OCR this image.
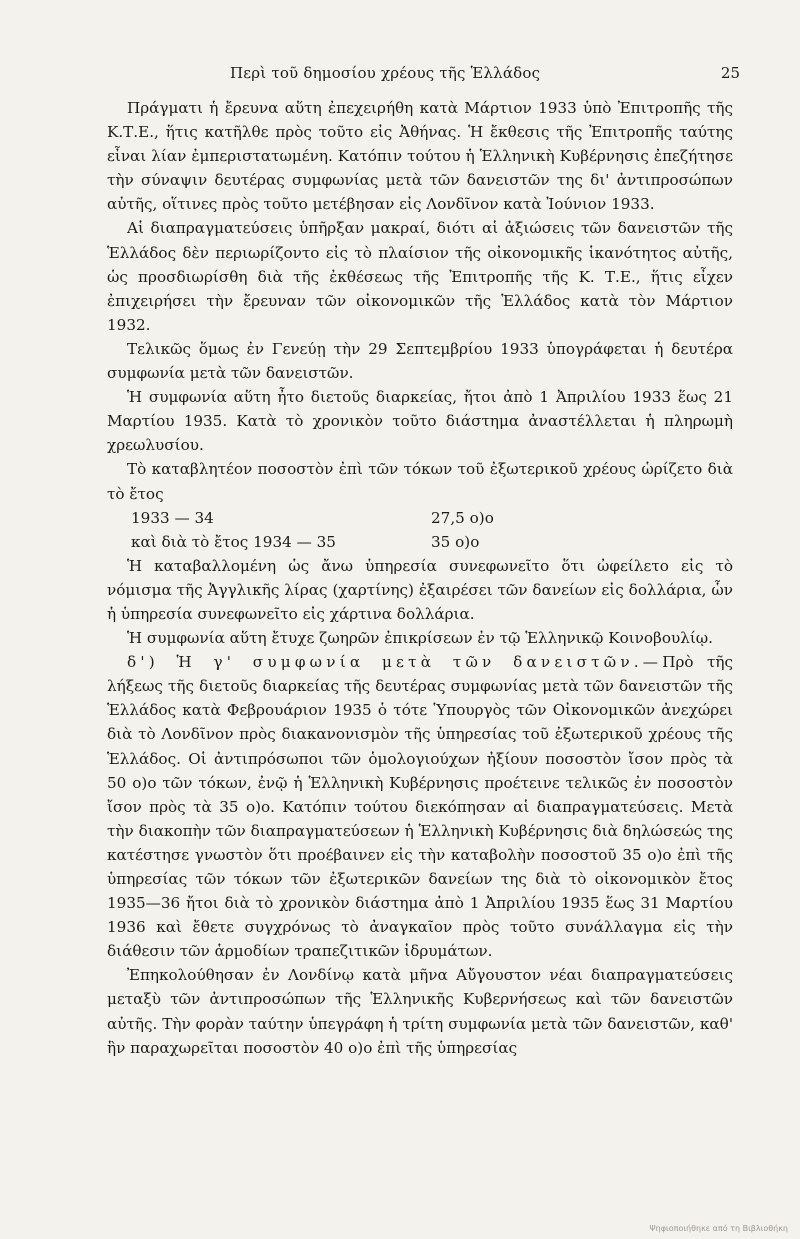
Περὶ τοῦ δημοσίου χρέους τῆς Ἑλλάδος	25

Πράγματι ἡ ἔρευνα αὕτη ἐπεχειρήθη κατὰ Μάρτιον 1933 ὑπὸ Ἐπιτροπῆς τῆς Κ.Τ.Ε., ἥτις κατῆλθε πρὸς τοῦτο εἰς Ἀθήνας. Ἡ ἔκθεσις τῆς Ἐπιτροπῆς ταύτης εἶναι λίαν ἐμπεριστατωμένη. Κατόπιν τούτου ἡ Ἑλληνικὴ Κυβέρνησις ἐπεζήτησε τὴν σύναψιν δευτέρας συμφωνίας μετὰ τῶν δανειστῶν της δι' ἀντιπροσώπων αὐτῆς, οἵτινες πρὸς τοῦτο μετέβησαν εἰς Λονδῖνον κατὰ Ἰούνιον 1933.

Αἱ διαπραγματεύσεις ὑπῆρξαν μακραί, διότι αἱ ἀξιώσεις τῶν δανειστῶν τῆς Ἑλλάδος δὲν περιωρίζοντο εἰς τὸ πλαίσιον τῆς οἰκονομικῆς ἱκανότητος αὐτῆς, ὡς προσδιωρίσθη διὰ τῆς ἐκθέσεως τῆς Ἐπιτροπῆς τῆς Κ. Τ.Ε., ἥτις εἶχεν ἐπιχειρήσει τὴν ἔρευναν τῶν οἰκονομικῶν τῆς Ἑλλάδος κατὰ τὸν Μάρτιον 1932.

Τελικῶς ὅμως ἐν Γενεύῃ τὴν 29 Σεπτεμβρίου 1933 ὑπογράφεται ἡ δευτέρα συμφωνία μετὰ τῶν δανειστῶν.

Ἡ συμφωνία αὕτη ἦτο διετοῦς διαρκείας, ἤτοι ἀπὸ 1 Ἀπριλίου 1933 ἕως 21 Μαρτίου 1935. Κατὰ τὸ χρονικὸν τοῦτο διάστημα ἀναστέλλεται ἡ πληρωμὴ χρεωλυσίου.

Τὸ καταβλητέον ποσοστὸν ἐπὶ τῶν τόκων τοῦ ἐξωτερικοῦ χρέους ὡρίζετο διὰ τὸ ἔτος

1933 — 34	27,5 ο)ο
καὶ διὰ τὸ ἔτος 1934 — 35	35 ο)ο

Ἡ καταβαλλομένη ὡς ἄνω ὑπηρεσία συνεφωνεῖτο ὅτι ὠφείλετο εἰς τὸ νόμισμα τῆς Ἀγγλικῆς λίρας (χαρτίνης) ἐξαιρέσει τῶν δανείων εἰς δολλάρια, ὧν ἡ ὑπηρεσία συνεφωνεῖτο εἰς χάρτινα δολλάρια.

Ἡ συμφωνία αὕτη ἔτυχε ζωηρῶν ἐπικρίσεων ἐν τῷ Ἑλληνικῷ Κοινοβουλίῳ.

δ') Ἡ γ' συμφωνία μετὰ τῶν δανειστῶν.—Πρὸ τῆς λήξεως τῆς διετοῦς διαρκείας τῆς δευτέρας συμφωνίας μετὰ τῶν δανειστῶν τῆς Ἑλλάδος κατὰ Φεβρουάριον 1935 ὁ τότε Ὑπουργὸς τῶν Οἰκονομικῶν ἀνεχώρει διὰ τὸ Λονδῖνον πρὸς διακανονισμὸν τῆς ὑπηρεσίας τοῦ ἐξωτερικοῦ χρέους τῆς Ἑλλάδος. Οἱ ἀντιπρόσωποι τῶν ὁμολογιούχων ἠξίουν ποσοστὸν ἴσον πρὸς τὰ 50 ο)ο τῶν τόκων, ἐνῷ ἡ Ἑλληνικὴ Κυβέρνησις προέτεινε τελικῶς ἐν ποσοστὸν ἴσον πρὸς τὰ 35 ο)ο. Κατόπιν τούτου διεκόπησαν αἱ διαπραγματεύσεις. Μετὰ τὴν διακοπὴν τῶν διαπραγματεύσεων ἡ Ἑλληνικὴ Κυβέρνησις διὰ δηλώσεώς της κατέστησε γνωστὸν ὅτι προέβαινεν εἰς τὴν καταβολὴν ποσοστοῦ 35 ο)ο ἐπὶ τῆς ὑπηρεσίας τῶν τόκων τῶν ἐξωτερικῶν δανείων της διὰ τὸ οἰκονομικὸν ἔτος 1935—36 ἤτοι διὰ τὸ χρονικὸν διάστημα ἀπὸ 1 Ἀπριλίου 1935 ἕως 31 Μαρτίου 1936 καὶ ἔθετε συγχρόνως τὸ ἀναγκαῖον πρὸς τοῦτο συνάλλαγμα εἰς τὴν διάθεσιν τῶν ἁρμοδίων τραπεζιτικῶν ἱδρυμάτων.

Ἐπηκολούθησαν ἐν Λονδίνῳ κατὰ μῆνα Αὔγουστον νέαι διαπραγματεύσεις μεταξὺ τῶν ἀντιπροσώπων τῆς Ἑλληνικῆς Κυβερνήσεως καὶ τῶν δανειστῶν αὐτῆς. Τὴν φορὰν ταύτην ὑπεγράφη ἡ τρίτη συμφωνία μετὰ τῶν δανειστῶν, καθ' ἣν παραχωρεῖται ποσοστὸν 40 ο)ο ἐπὶ τῆς ὑπηρεσίας

Ψηφιοποιήθηκε από τη Βιβλιοθήκη
